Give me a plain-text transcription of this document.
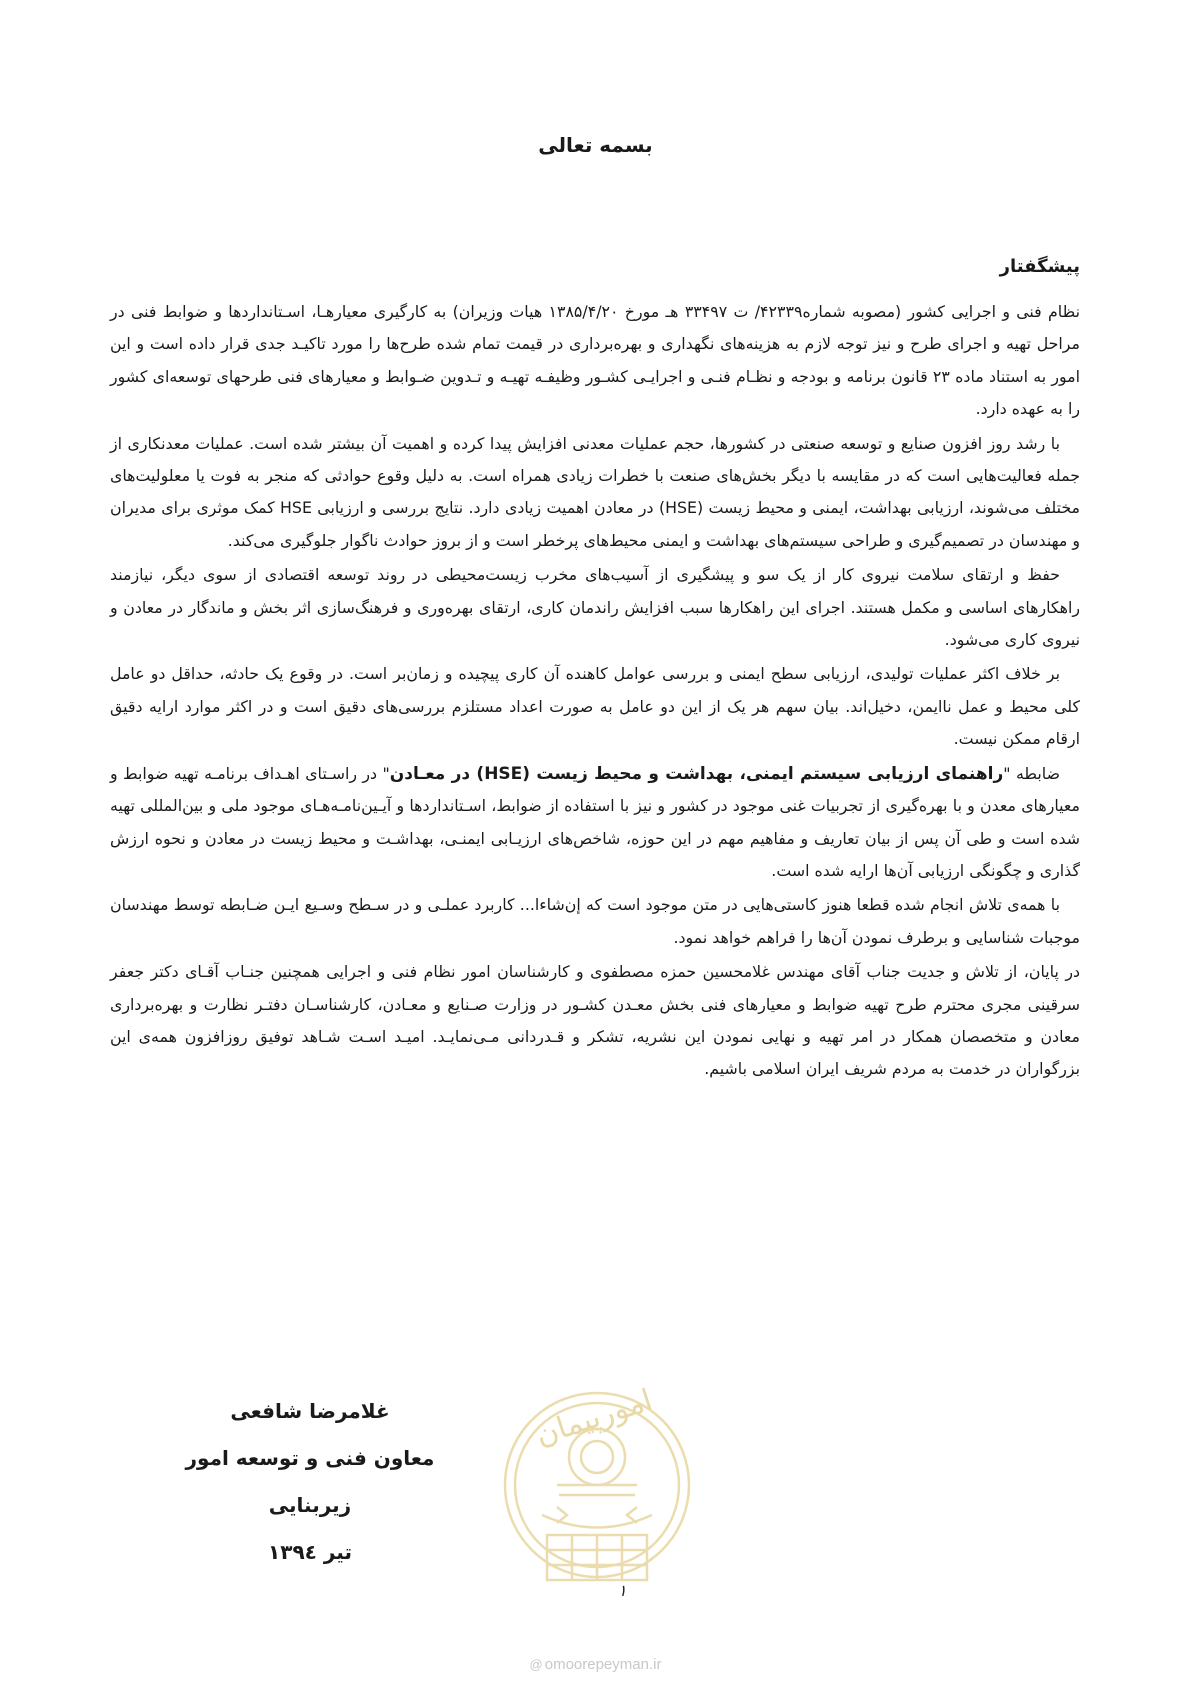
بسمه تعالی
پیشگفتار

نظام فنی و اجرایی کشور (مصوبه شماره۴۲۳۳۹/ ت ۳۳۴۹۷ هـ مورخ ۱۳۸۵/۴/۲۰ هیات وزیران) به کارگیری معیارهـا، اسـتانداردها و ضوابط فنی در مراحل تهیه و اجرای طرح و نیز توجه لازم به هزینه‌های نگهداری و بهره‌برداری در قیمت تمام شده طرح‌ها را مورد تاکیـد جدی قرار داده است و این امور به استناد ماده ۲۳ قانون برنامه و بودجه و نظـام فنـی و اجرایـی کشـور وظیفـه تهیـه و تـدوین ضـوابط و معیارهای فنی طرحهای توسعه‌ای کشور را به عهده دارد.

با رشد روز افزون صنایع و توسعه صنعتی در کشورها، حجم عملیات معدنی افزایش پیدا کرده و اهمیت آن بیشتر شده است. عملیات معدنکاری از جمله فعالیت‌هایی است که در مقایسه با دیگر بخش‌های صنعت با خطرات زیادی همراه است. به دلیل وقوع حوادثی که منجر به فوت یا معلولیت‌های مختلف می‌شوند، ارزیابی بهداشت، ایمنی و محیط زیست (HSE) در معادن اهمیت زیادی دارد. نتایج بررسی و ارزیابی HSE کمک موثری برای مدیران و مهندسان در تصمیم‌گیری و طراحی سیستم‌های بهداشت و ایمنی محیط‌های پرخطر است و از بروز حوادث ناگوار جلوگیری می‌کند.

حفظ و ارتقای سلامت نیروی کار از یک سو و پیشگیری از آسیب‌های مخرب زیست‌محیطی در روند توسعه اقتصادی از سوی دیگر، نیازمند راهکارهای اساسی و مکمل هستند. اجرای این راهکارها سبب افزایش راندمان کاری، ارتقای بهره‌وری و فرهنگ‌سازی اثر بخش و ماندگار در معادن و نیروی کاری می‌شود.

بر خلاف اکثر عملیات تولیدی، ارزیابی سطح ایمنی و بررسی عوامل کاهنده آن کاری پیچیده و زمان‌بر است. در وقوع یک حادثه، حداقل دو عامل کلی محیط و عمل ناایمن، دخیل‌اند. بیان سهم هر یک از این دو عامل به صورت اعداد مستلزم بررسی‌های دقیق است و در اکثر موارد ارایه دقیق ارقام ممکن نیست.

ضابطه "راهنمای ارزیابی سیستم ایمنی، بهداشت و محیط زیست (HSE) در معـادن" در راسـتای اهـداف برنامـه تهیه ضوابط و معیارهای معدن و با بهره‌گیری از تجربیات غنی موجود در کشور و نیز با استفاده از ضوابط، اسـتانداردها و آیـین‌نامـه‌هـای موجود ملی و بین‌المللی تهیه شده است و طی آن پس از بیان تعاریف و مفاهیم مهم در این حوزه، شاخص‌های ارزیـابی ایمنـی، بهداشـت و محیط زیست در معادن و نحوه ارزش گذاری و چگونگی ارزیابی آن‌ها ارایه شده است.

با همه‌ی تلاش انجام شده قطعا هنوز کاستی‌هایی در متن موجود است که إن‌شاءا... کاربرد عملـی و در سـطح وسـیع ایـن ضـابطه توسط مهندسان موجبات شناسایی و برطرف نمودن آن‌ها را فراهم خواهد نمود.

در پایان، از تلاش و جدیت جناب آقای مهندس غلامحسین حمزه مصطفوی و کارشناسان امور نظام فنی و اجرایی همچنین جنـاب آقـای دکتر جعفر سرقینی مجری محترم طرح تهیه ضوابط و معیارهای فنی بخش معـدن کشـور در وزارت صـنایع و معـادن، کارشناسـان دفتـر نظارت و بهره‌برداری معادن و متخصصان همکار در امر تهیه و نهایی نمودن این نشریه، تشکر و قـدردانی مـی‌نمایـد. امیـد اسـت شـاهد توفیق روزافزون همه‌ی این بزرگواران در خدمت به مردم شریف ایران اسلامی باشیم.

غلامرضا شافعی
معاون فنی و توسعه امور زیربنایی
تیر ۱۳۹٤
امورپیمان
۱
@ omoorepeyman.ir
